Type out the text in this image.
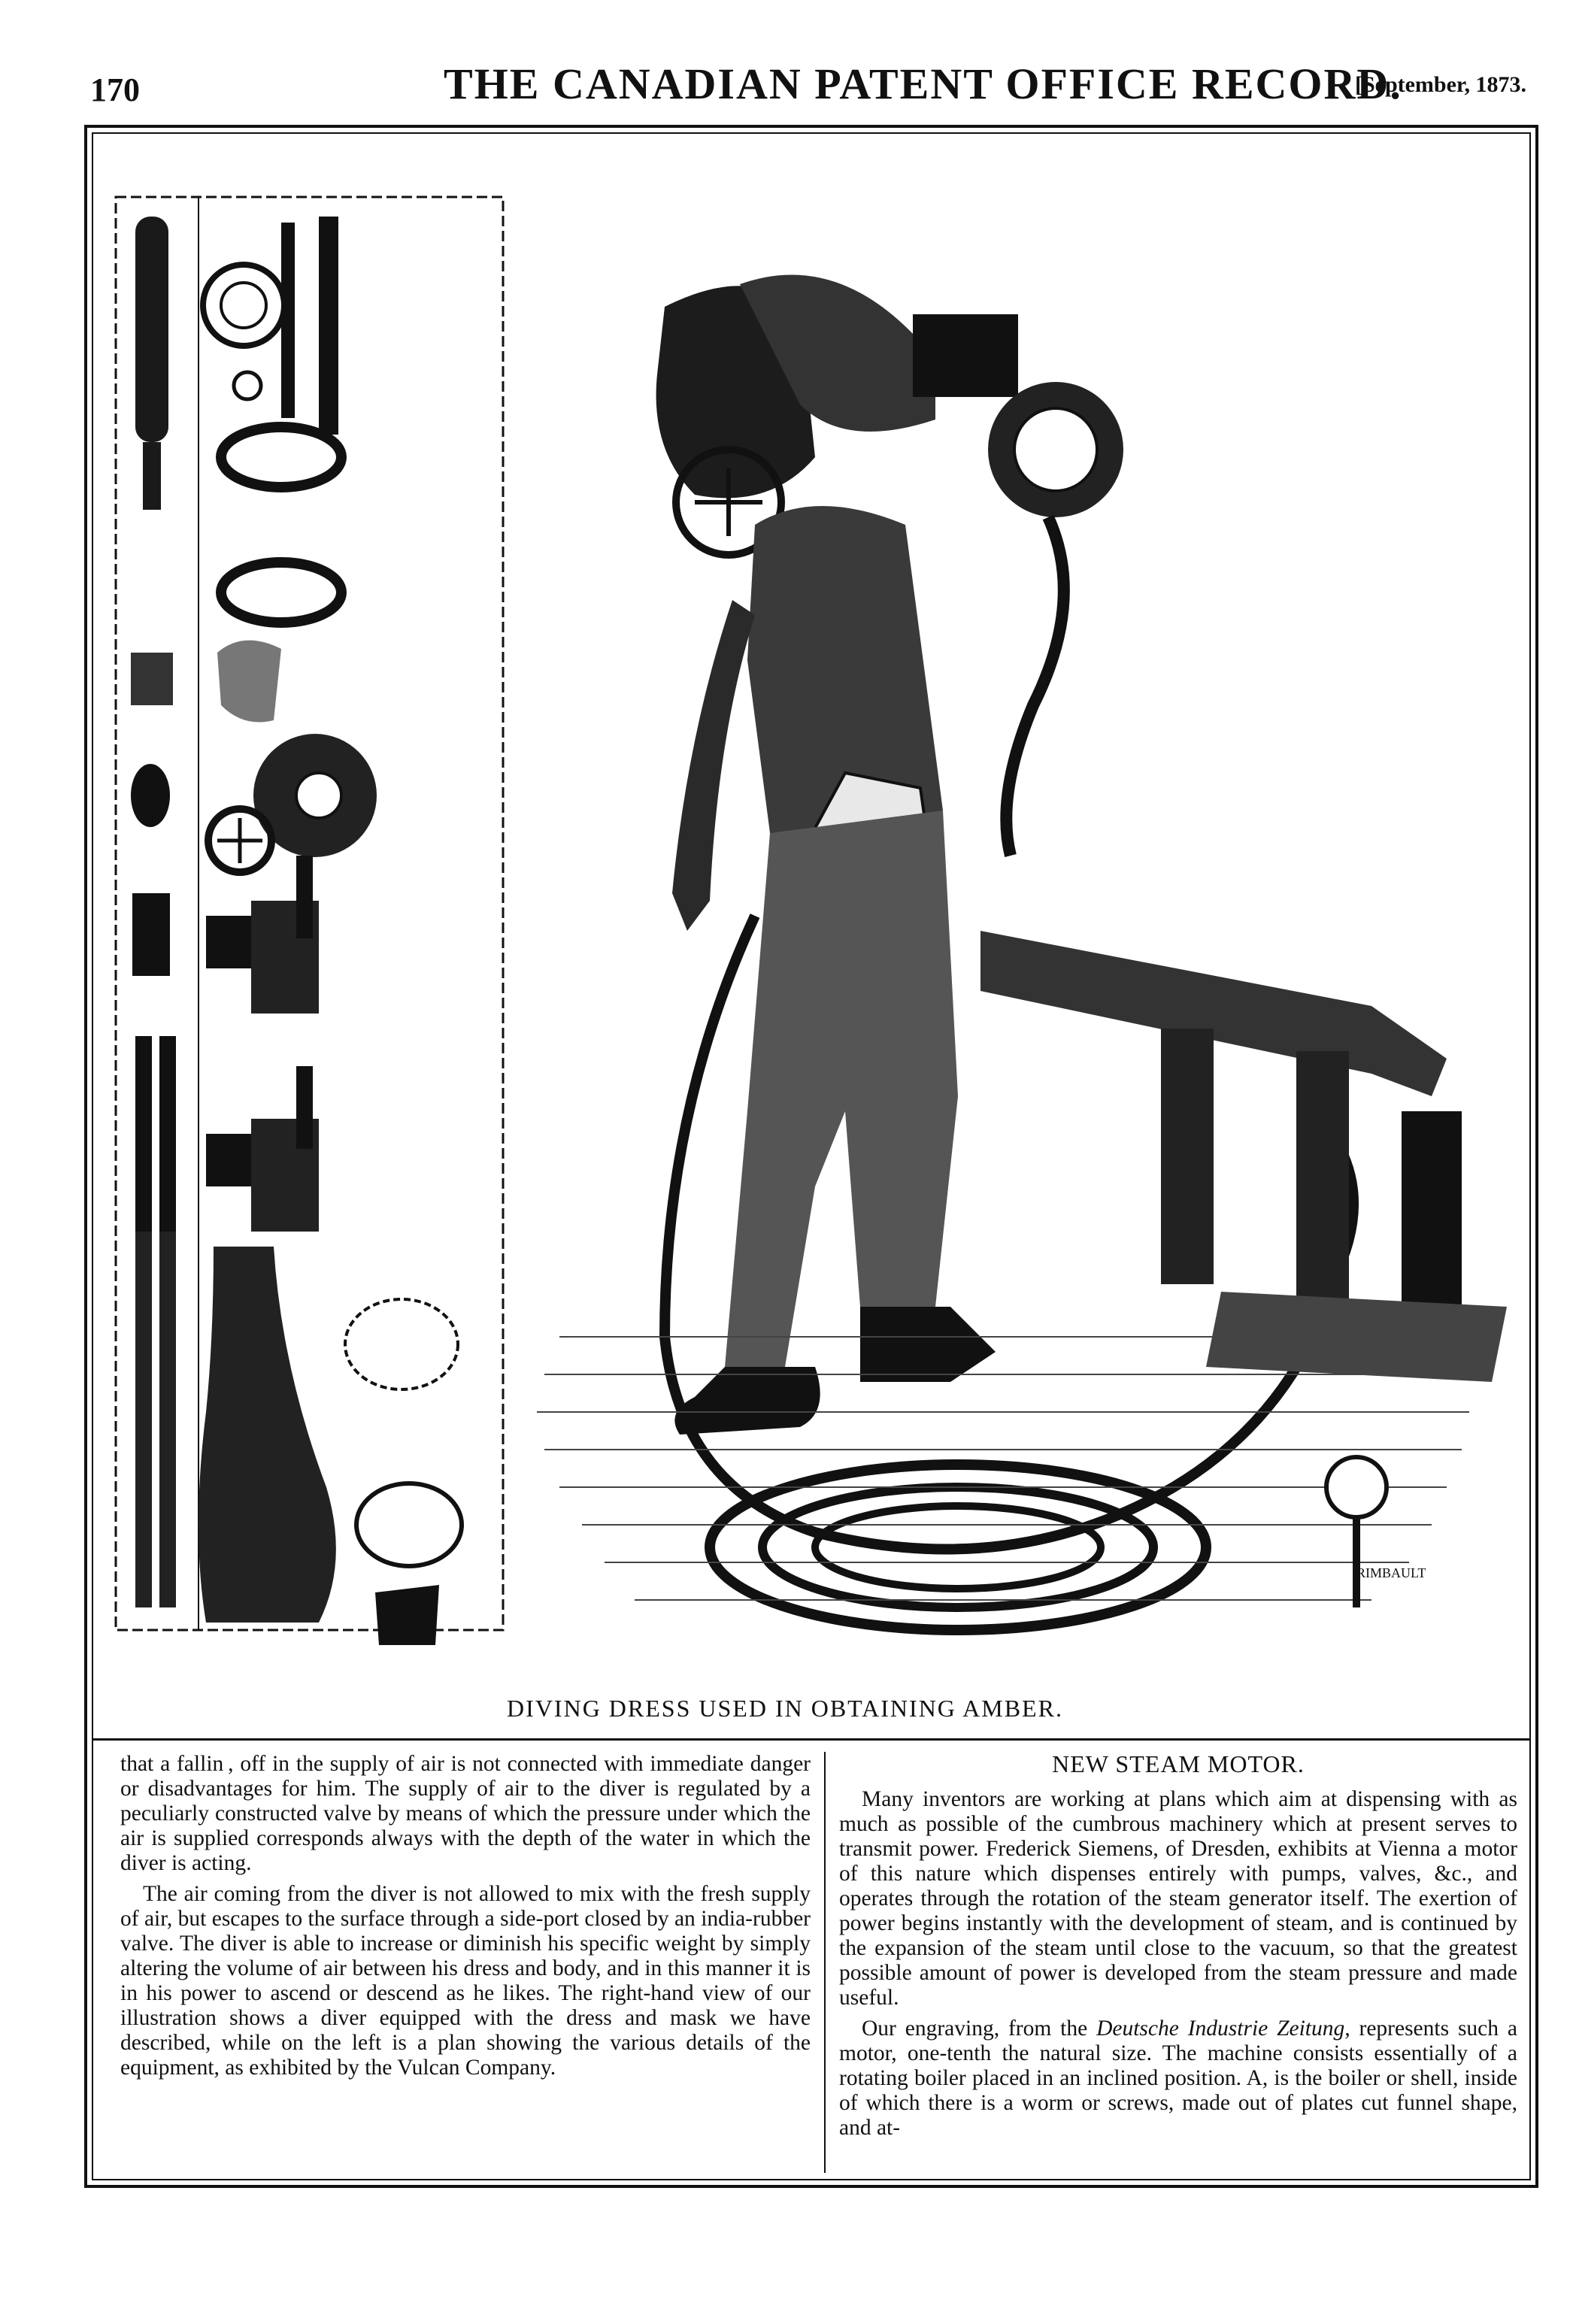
170	THE CANADIAN PATENT OFFICE RECORD.
[September, 1873.
RIMBAULT
DIVING DRESS USED IN OBTAINING AMBER.

that a fallin , off in the supply of air is not connected with immediate danger or disadvantages for him. The supply of air to the diver is regulated by a peculiarly constructed valve by means of which the pressure under which the air is supplied corresponds always with the depth of the water in which the diver is acting.

The air coming from the diver is not allowed to mix with the fresh supply of air, but escapes to the surface through a side-port closed by an india-rubber valve. The diver is able to increase or diminish his specific weight by simply altering the volume of air between his dress and body, and in this manner it is in his power to ascend or descend as he likes. The right-hand view of our illustration shows a diver equipped with the dress and mask we have described, while on the left is a plan showing the various details of the equipment, as exhibited by the Vulcan Company.

NEW STEAM MOTOR.

Many inventors are working at plans which aim at dispensing with as much as possible of the cumbrous machinery which at present serves to transmit power. Frederick Siemens, of Dresden, exhibits at Vienna a motor of this nature which dispenses entirely with pumps, valves, &c., and operates through the rotation of the steam generator itself. The exertion of power begins instantly with the development of steam, and is continued by the expansion of the steam until close to the vacuum, so that the greatest possible amount of power is developed from the steam pressure and made useful.

Our engraving, from the Deutsche Industrie Zeitung, represents such a motor, one-tenth the natural size. The machine consists essentially of a rotating boiler placed in an inclined position. A, is the boiler or shell, inside of which there is a worm or screws, made out of plates cut funnel shape, and at-
